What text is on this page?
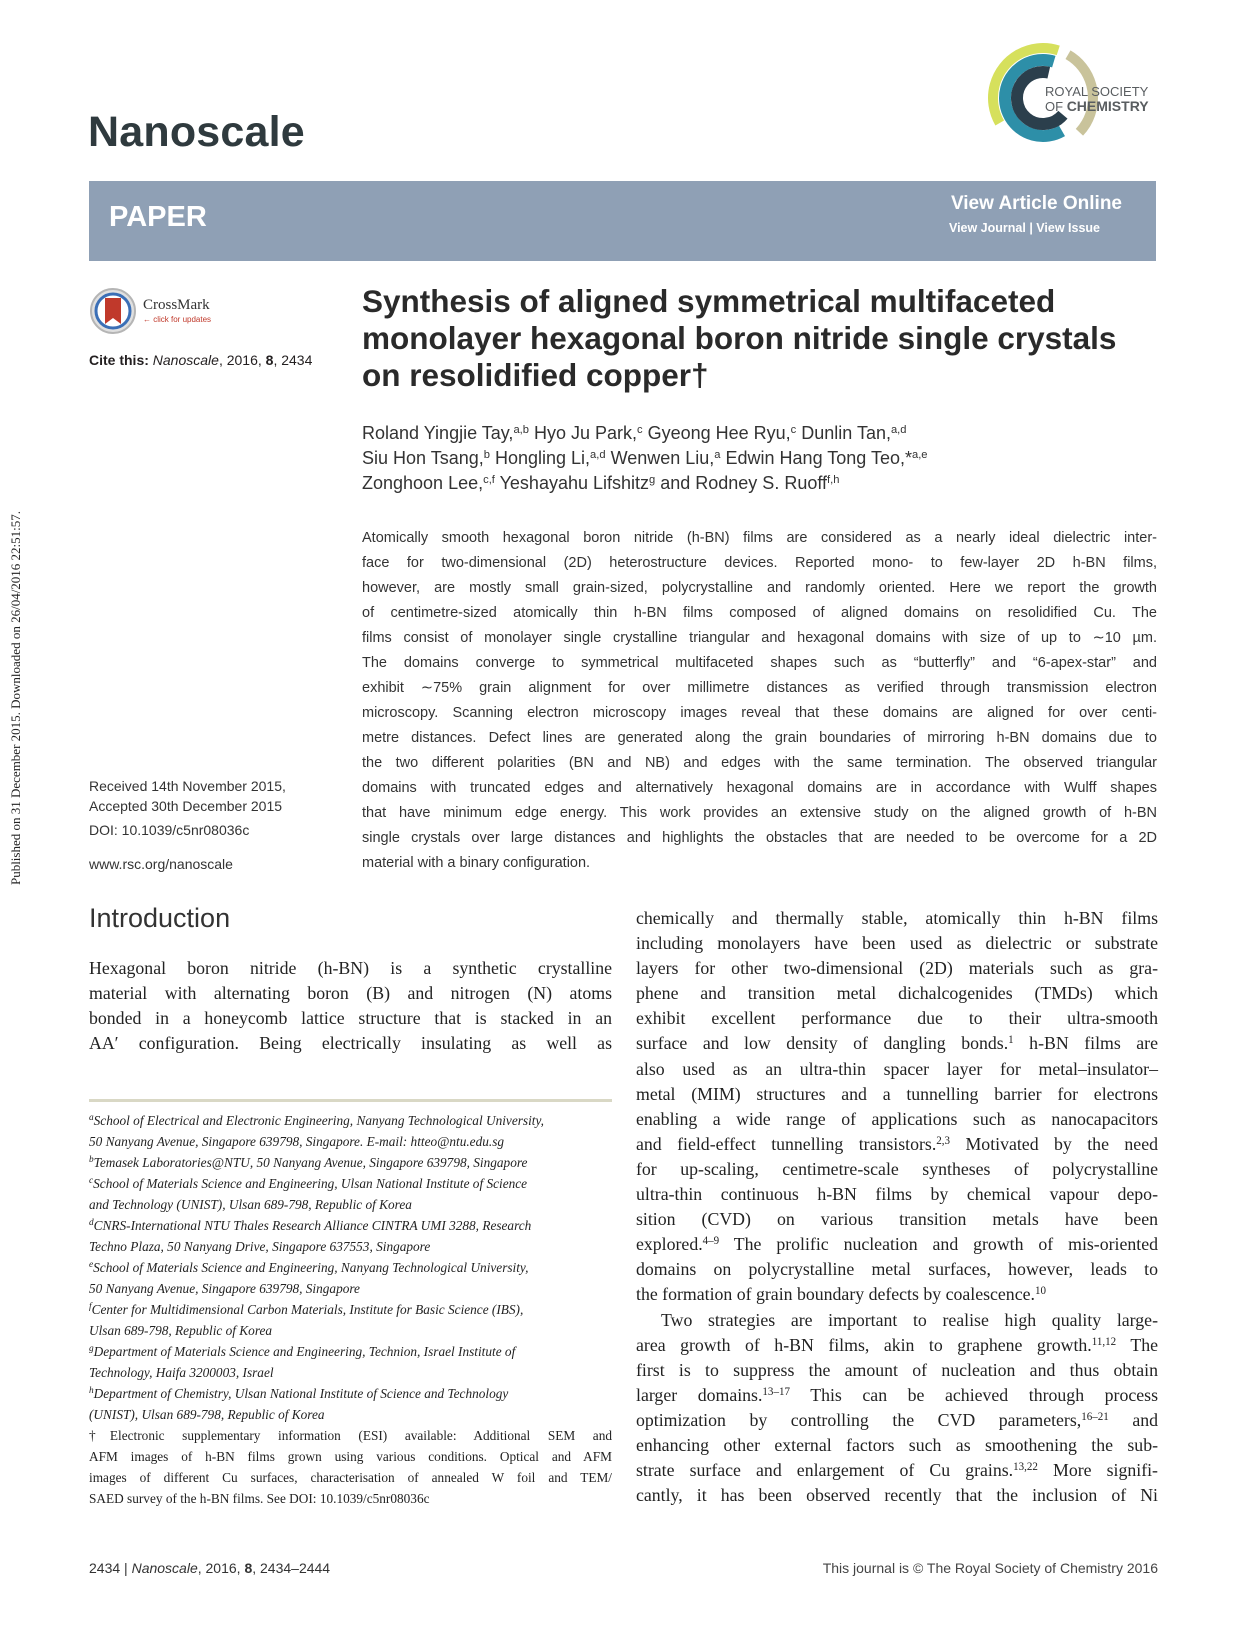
Published on 31 December 2015. Downloaded on 26/04/2016 22:51:57.
Nanoscale
ROYAL SOCIETY
OF CHEMISTRY
PAPER	View Article Online
View Journal | View Issue
CrossMark
← click for updates
Cite this: Nanoscale, 2016, 8, 2434
Synthesis of aligned symmetrical multifaceted
monolayer hexagonal boron nitride single crystals
on resolidified copper†
Roland Yingjie Tay,$^{a,b}$ Hyo Ju Park,$^c$ Gyeong Hee Ryu,$^c$ Dunlin Tan,$^{a,d}$
Siu Hon Tsang,$^b$ Hongling Li,$^{a,d}$ Wenwen Liu,$^a$ Edwin Hang Tong Teo,*$^{a,e}$
Zonghoon Lee,$^{c,f}$ Yeshayahu Lifshitz$^g$ and Rodney S. Ruoff$^{f,h}$
Atomically smooth hexagonal boron nitride (h-BN) films are considered as a nearly ideal dielectric inter-
face for two-dimensional (2D) heterostructure devices. Reported mono- to few-layer 2D h-BN films,
however, are mostly small grain-sized, polycrystalline and randomly oriented. Here we report the growth
of centimetre-sized atomically thin h-BN films composed of aligned domains on resolidified Cu. The
films consist of monolayer single crystalline triangular and hexagonal domains with size of up to ∼10 µm.
The domains converge to symmetrical multifaceted shapes such as “butterfly” and “6-apex-star” and
exhibit ∼75% grain alignment for over millimetre distances as verified through transmission electron
microscopy. Scanning electron microscopy images reveal that these domains are aligned for over centi-
metre distances. Defect lines are generated along the grain boundaries of mirroring h-BN domains due to
the two different polarities (BN and NB) and edges with the same termination. The observed triangular
domains with truncated edges and alternatively hexagonal domains are in accordance with Wulff shapes
that have minimum edge energy. This work provides an extensive study on the aligned growth of h-BN
single crystals over large distances and highlights the obstacles that are needed to be overcome for a 2D
material with a binary configuration.
Received 14th November 2015,
Accepted 30th December 2015
DOI: 10.1039/c5nr08036c
www.rsc.org/nanoscale
Introduction
Hexagonal boron nitride (h-BN) is a synthetic crystalline
material with alternating boron (B) and nitrogen (N) atoms
bonded in a honeycomb lattice structure that is stacked in an
AA′ configuration. Being electrically insulating as well as
chemically and thermally stable, atomically thin h-BN films
including monolayers have been used as dielectric or substrate
layers for other two-dimensional (2D) materials such as gra-
phene and transition metal dichalcogenides (TMDs) which
exhibit excellent performance due to their ultra-smooth
surface and low density of dangling bonds.$^1$ h-BN films are
also used as an ultra-thin spacer layer for metal–insulator–
metal (MIM) structures and a tunnelling barrier for electrons
enabling a wide range of applications such as nanocapacitors
and field-effect tunnelling transistors.$^{2,3}$ Motivated by the need
for up-scaling, centimetre-scale syntheses of polycrystalline
ultra-thin continuous h-BN films by chemical vapour depo-
sition (CVD) on various transition metals have been
explored.$^{4-9}$ The prolific nucleation and growth of mis-oriented
domains on polycrystalline metal surfaces, however, leads to
the formation of grain boundary defects by coalescence.$^{10}$
Two strategies are important to realise high quality large-
area growth of h-BN films, akin to graphene growth.$^{11,12}$ The
first is to suppress the amount of nucleation and thus obtain
larger domains.$^{13-17}$ This can be achieved through process
optimization by controlling the CVD parameters,$^{16-21}$ and
enhancing other external factors such as smoothening the sub-
strate surface and enlargement of Cu grains.$^{13,22}$ More signifi-
cantly, it has been observed recently that the inclusion of Ni
$^a$School of Electrical and Electronic Engineering, Nanyang Technological University,
50 Nanyang Avenue, Singapore 639798, Singapore. E-mail: htteo@ntu.edu.sg
$^b$Temasek Laboratories@NTU, 50 Nanyang Avenue, Singapore 639798, Singapore
$^c$School of Materials Science and Engineering, Ulsan National Institute of Science
and Technology (UNIST), Ulsan 689-798, Republic of Korea
$^d$CNRS-International NTU Thales Research Alliance CINTRA UMI 3288, Research
Techno Plaza, 50 Nanyang Drive, Singapore 637553, Singapore
$^e$School of Materials Science and Engineering, Nanyang Technological University,
50 Nanyang Avenue, Singapore 639798, Singapore
$^f$Center for Multidimensional Carbon Materials, Institute for Basic Science (IBS),
Ulsan 689-798, Republic of Korea
$^g$Department of Materials Science and Engineering, Technion, Israel Institute of
Technology, Haifa 3200003, Israel
$^h$Department of Chemistry, Ulsan National Institute of Science and Technology
(UNIST), Ulsan 689-798, Republic of Korea
†Electronic supplementary information (ESI) available: Additional SEM and
AFM images of h-BN films grown using various conditions. Optical and AFM
images of different Cu surfaces, characterisation of annealed W foil and TEM/
SAED survey of the h-BN films. See DOI: 10.1039/c5nr08036c
2434 | Nanoscale, 2016, 8, 2434–2444	This journal is © The Royal Society of Chemistry 2016
